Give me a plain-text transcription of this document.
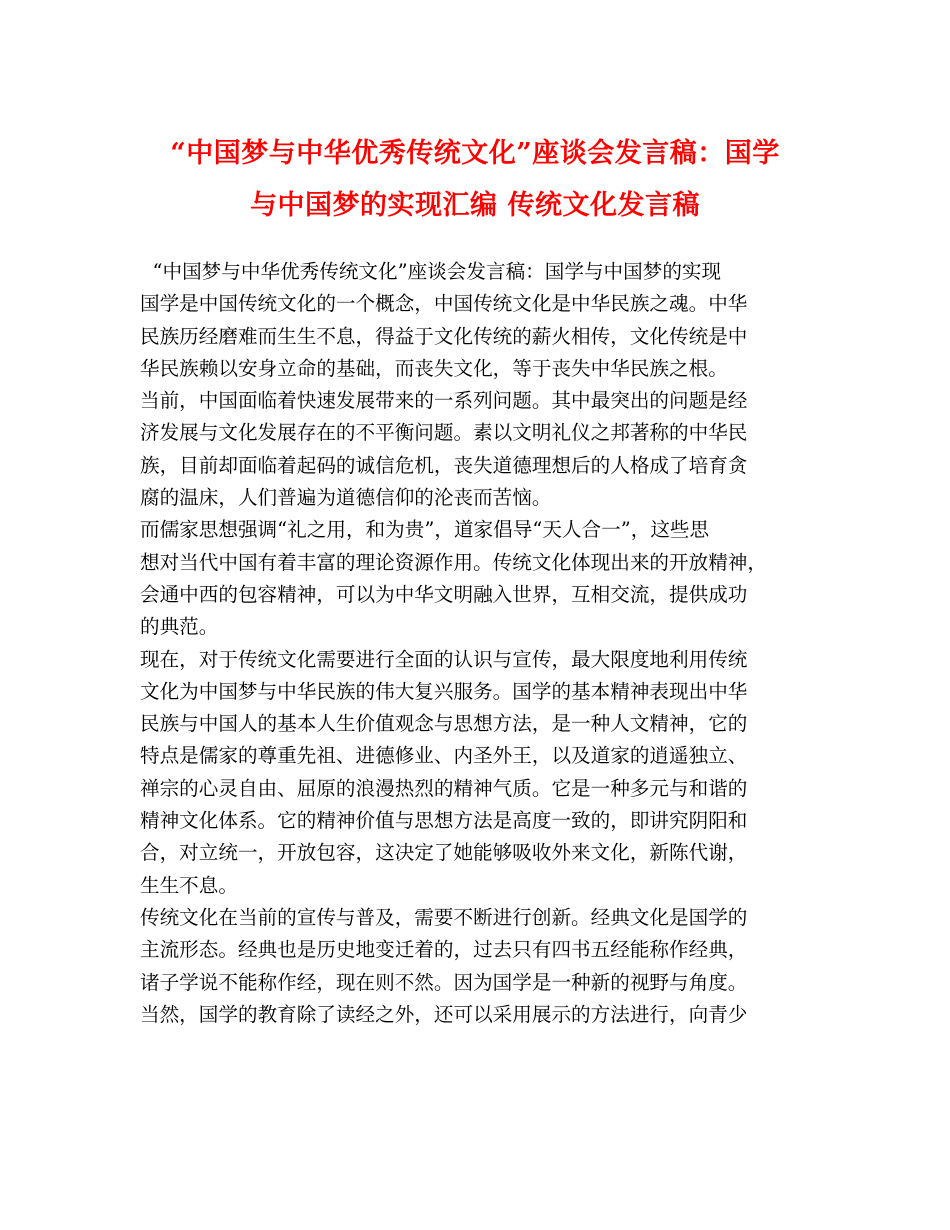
“中国梦与中华优秀传统文化”座谈会发言稿：国学
与中国梦的实现汇编 传统文化发言稿
“中国梦与中华优秀传统文化”座谈会发言稿：国学与中国梦的实现
国学是中国传统文化的一个概念，中国传统文化是中华民族之魂。中华
民族历经磨难而生生不息，得益于文化传统的薪火相传，文化传统是中
华民族赖以安身立命的基础，而丧失文化，等于丧失中华民族之根。
当前，中国面临着快速发展带来的一系列问题。其中最突出的问题是经
济发展与文化发展存在的不平衡问题。素以文明礼仪之邦著称的中华民
族，目前却面临着起码的诚信危机，丧失道德理想后的人格成了培育贪
腐的温床，人们普遍为道德信仰的沦丧而苦恼。
而儒家思想强调“礼之用，和为贵”，道家倡导“天人合一”，这些思
想对当代中国有着丰富的理论资源作用。传统文化体现出来的开放精神，
会通中西的包容精神，可以为中华文明融入世界，互相交流，提供成功
的典范。
现在，对于传统文化需要进行全面的认识与宣传，最大限度地利用传统
文化为中国梦与中华民族的伟大复兴服务。国学的基本精神表现出中华
民族与中国人的基本人生价值观念与思想方法，是一种人文精神，它的
特点是儒家的尊重先祖、进德修业、内圣外王，以及道家的逍遥独立、
禅宗的心灵自由、屈原的浪漫热烈的精神气质。它是一种多元与和谐的
精神文化体系。它的精神价值与思想方法是高度一致的，即讲究阴阳和
合，对立统一，开放包容，这决定了她能够吸收外来文化，新陈代谢，
生生不息。
传统文化在当前的宣传与普及，需要不断进行创新。经典文化是国学的
主流形态。经典也是历史地变迁着的，过去只有四书五经能称作经典，
诸子学说不能称作经，现在则不然。因为国学是一种新的视野与角度。
当然，国学的教育除了读经之外，还可以采用展示的方法进行，向青少
